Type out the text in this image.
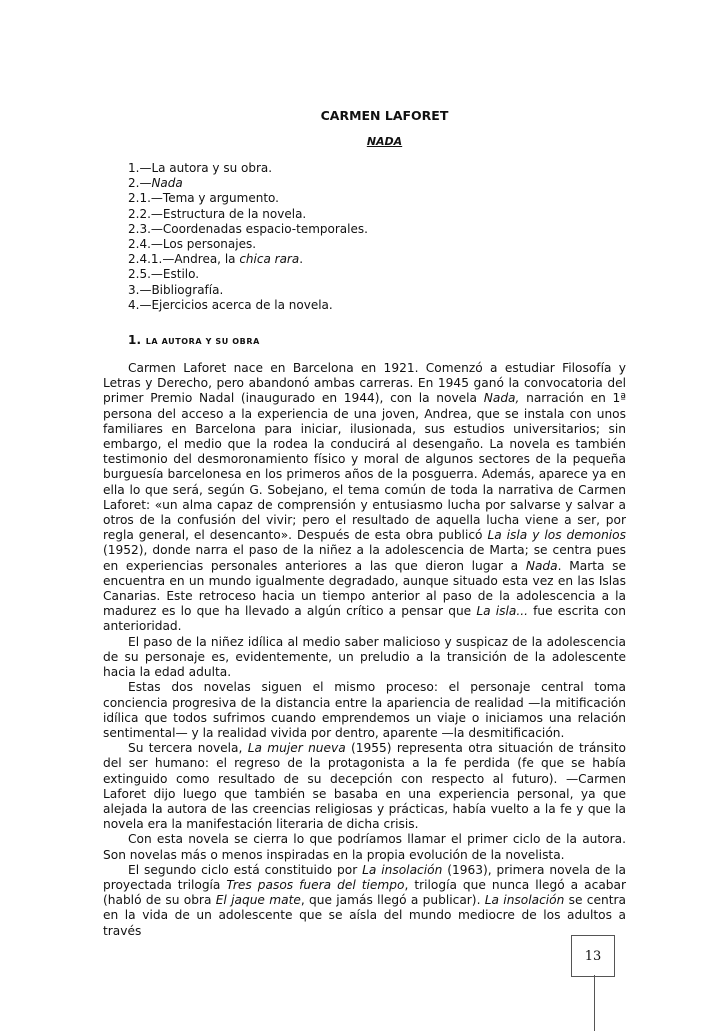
CARMEN LAFORET
NADA
1.—La autora y su obra.
2.—Nada
2.1.—Tema y argumento.
2.2.—Estructura de la novela.
2.3.—Coordenadas espacio-temporales.
2.4.—Los personajes.
2.4.1.—Andrea, la chica rara.
2.5.—Estilo.
3.—Bibliografía.
4.—Ejercicios acerca de la novela.
1. LA AUTORA Y SU OBRA

Carmen Laforet nace en Barcelona en 1921. Comenzó a estudiar Filosofía y Letras y Derecho, pero abandonó ambas carreras. En 1945 ganó la convocatoria del primer Premio Nadal (inaugurado en 1944), con la novela Nada, narración en 1ª persona del acceso a la experiencia de una joven, Andrea, que se instala con unos familiares en Barcelona para iniciar, ilusionada, sus estudios universitarios; sin embargo, el medio que la rodea la conducirá al desengaño. La novela es también testimonio del desmoronamiento físico y moral de algunos sectores de la pequeña burguesía barcelonesa en los primeros años de la posguerra. Además, aparece ya en ella lo que será, según G. Sobejano, el tema común de toda la narrativa de Carmen Laforet: «un alma capaz de comprensión y entusiasmo lucha por salvarse y salvar a otros de la confusión del vivir; pero el resultado de aquella lucha viene a ser, por regla general, el desencanto». Después de esta obra publicó La isla y los demonios (1952), donde narra el paso de la niñez a la adolescencia de Marta; se centra pues en experiencias personales anteriores a las que dieron lugar a Nada. Marta se encuentra en un mundo igualmente degradado, aunque situado esta vez en las Islas Canarias. Este retroceso hacia un tiempo anterior al paso de la adolescencia a la madurez es lo que ha llevado a algún crítico a pensar que La isla... fue escrita con anterioridad.

El paso de la niñez idílica al medio saber malicioso y suspicaz de la adolescencia de su personaje es, evidentemente, un preludio a la transición de la adolescente hacia la edad adulta.

Estas dos novelas siguen el mismo proceso: el personaje central toma conciencia progresiva de la distancia entre la apariencia de realidad —la mitificación idílica que todos sufrimos cuando emprendemos un viaje o iniciamos una relación sentimental— y la realidad vivida por dentro, aparente —la desmitificación.

Su tercera novela, La mujer nueva (1955) representa otra situación de tránsito del ser humano: el regreso de la protagonista a la fe perdida (fe que se había extinguido como resultado de su decepción con respecto al futuro). —Carmen Laforet dijo luego que también se basaba en una experiencia personal, ya que alejada la autora de las creencias religiosas y prácticas, había vuelto a la fe y que la novela era la manifestación literaria de dicha crisis.

Con esta novela se cierra lo que podríamos llamar el primer ciclo de la autora. Son novelas más o menos inspiradas en la propia evolución de la novelista.

El segundo ciclo está constituido por La insolación (1963), primera novela de la proyectada trilogía Tres pasos fuera del tiempo, trilogía que nunca llegó a acabar (habló de su obra El jaque mate, que jamás llegó a publicar). La insolación se centra en la vida de un adolescente que se aísla del mundo mediocre de los adultos a través

13
